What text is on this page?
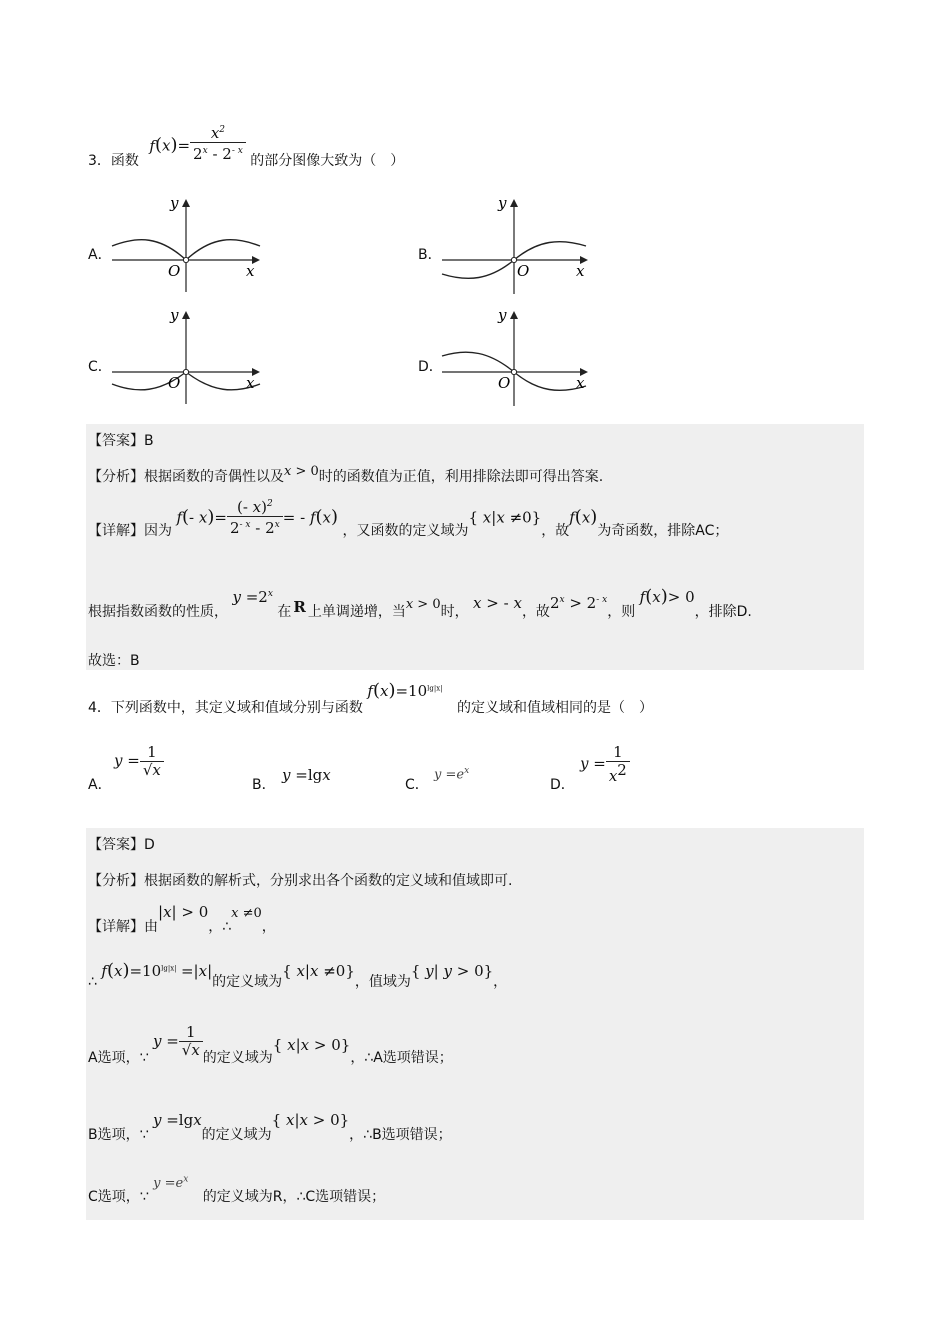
3．函数 $f(x)= \frac{x^2}{2^x - 2^{- x}}$ 的部分图像大致为（　）
A．
y
x
O
B．
y
x
O
C．
y
x
O
D．
y
x
O
【答案】B
【分析】根据函数的奇偶性以及x > 0时的函数值为正值，利用排除法即可得出答案.
【详解】因为 f(- $x)= \frac{(- x)^2}{2^{- x} - 2^x}$ = - f(x) ，又函数的定义域为{ x|x ≠0}，故f(x)为奇函数，排除AC；
根据指数函数的性质， $y =2^x$ 在 R 上单调递增，当x > 0时， x > - x，故$2^x > 2^{- x}$，则 f(x)> 0，排除D.
故选：B
4．下列函数中，其定义域和值域分别与函数 $f(x)=10^{lg|x|}$ 的定义域和值域相同的是（　）
A．
$y = \frac{1}{√x}$
B．
y =lgx
C．
$y =e^x$
D．
$y = \frac{1}{x^2}$
【答案】D
【分析】根据函数的解析式，分别求出各个函数的定义域和值域即可.
【详解】由|x| > 0，∴x ≠0，
∴ $f(x)=10^{lg|x|} =|x|$的定义域为{ x|x ≠0}，值域为{ y| y > 0}，
A选项，∵ $y = \frac{1}{√x}$ 的定义域为{ x|x > 0}，∴A选项错误；
B选项，∵ y =lgx的定义域为{ x|x > 0}，∴B选项错误；
C选项，∵ $y =e^x$ 的定义域为R，∴C选项错误；
